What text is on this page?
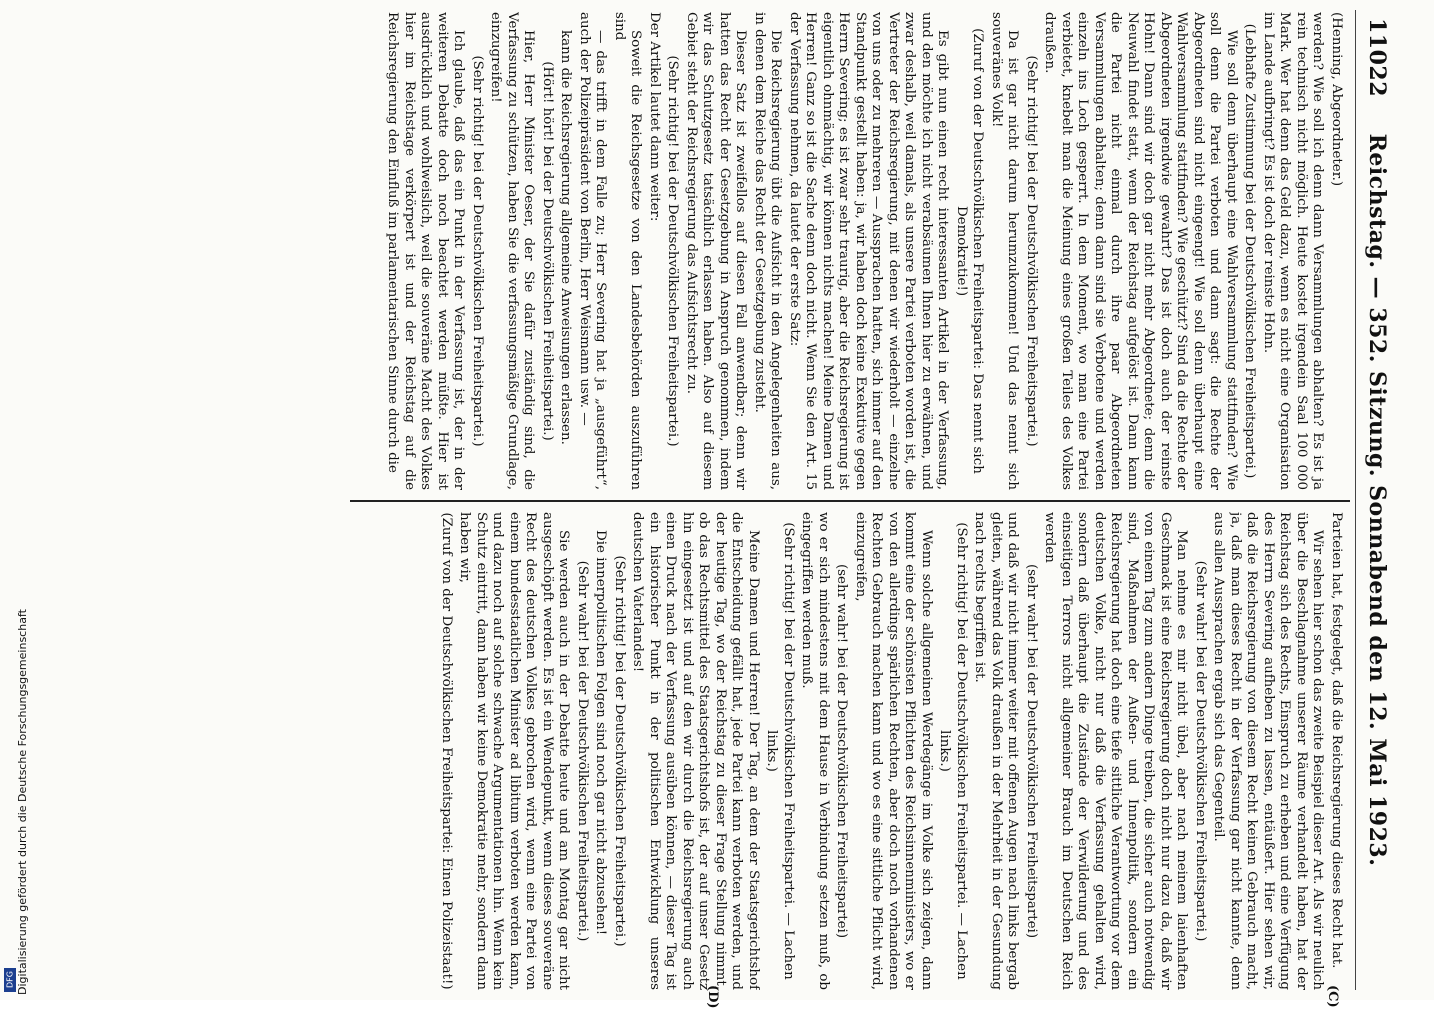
DFG Digitalisierung gefördert durch die Deutsche Forschungsgemeinschaft
11022
Reichstag. — 352. Sitzung. Sonnabend den 12. Mai 1923.
(C)
(D)

(Henning, Abgeordneter.)

werden? Wie soll ich denn dann Versammlungen abhalten? Es ist ja rein technisch nicht möglich. Heute kostet irgendein Saal 100 000 Mark. Wer hat denn das Geld dazu, wenn es nicht eine Organisation im Lande aufbringt? Es ist doch der reinste Hohn.

(Lebhafte Zustimmung bei der Deutschvölkischen Freiheitspartei.)

Wie soll denn überhaupt eine Wahlversammlung stattfinden? Wie soll denn die Partei verboten und dann sagt: die Rechte der Abgeordneten sind nicht eingeengt! Wie soll denn überhaupt eine Wahlversammlung stattfinden? Wie geschützt? Sind da die Rechte der Abgeordneten irgendwie gewahrt? Das ist doch auch der reinste Hohn! Dann sind wir doch gar nicht mehr Abgeordnete; denn die Neuwahl findet statt, wenn der Reichstag aufgelöst ist. Dann kann die Partei nicht einmal durch ihre paar Abgeordneten Versammlungen abhalten; denn dann sind sie Verbotene und werden einzeln ins Loch gesperrt. In dem Moment, wo man eine Partei verbietet, knebelt man die Meinung eines großen Teiles des Volkes draußen.

(Sehr richtig! bei der Deutschvölkischen Freiheitspartei.)

Da ist gar nicht darum herumzukommen! Und das nennt sich souveränes Volk!

(Zuruf von der Deutschvölkischen Freiheitspartei: Das nennt sich Demokratie!)

Es gibt nun einen recht interessanten Artikel in der Verfassung, und den möchte ich nicht verabsäumen Ihnen hier zu erwähnen, und zwar deshalb, weil damals, als unsere Partei verboten worden ist, die Vertreter der Reichsregierung, mit denen wir wiederholt — einzelne von uns oder zu mehreren — Aussprachen hatten, sich immer auf den Standpunkt gestellt haben: ja, wir haben doch keine Exekutive gegen Herrn Severing; es ist zwar sehr traurig, aber die Reichsregierung ist eigentlich ohnmächtig, wir können nichts machen! Meine Damen und Herren! Ganz so ist die Sache denn doch nicht. Wenn Sie den Art. 15 der Verfassung nehmen, da lautet der erste Satz:

Die Reichsregierung übt die Aufsicht in den Angelegenheiten aus, in denen dem Reiche das Recht der Gesetzgebung zusteht.

Dieser Satz ist zweifellos auf diesen Fall anwendbar; denn wir hatten das Recht der Gesetzgebung in Anspruch genommen, indem wir das Schutzgesetz tatsächlich erlassen haben. Also auf diesem Gebiet steht der Reichsregierung das Aufsichtsrecht zu.

(Sehr richtig! bei der Deutschvölkischen Freiheitspartei.)

Der Artikel lautet dann weiter:

Soweit die Reichsgesetze von den Landesbehörden auszuführen sind

— das trifft in dem Falle zu; Herr Severing hat ja „ausgeführt“, auch der Polizeipräsident von Berlin, Herr Weismann usw. —

kann die Reichsregierung allgemeine Anweisungen erlassen.

(Hört! hört! bei der Deutschvölkischen Freiheitspartei.)

Hier, Herr Minister Oeser, der Sie dafür zuständig sind, die Verfassung zu schützen, haben Sie die verfassungsmäßige Grundlage, einzugreifen!

(Sehr richtig! bei der Deutschvölkischen Freiheitspartei.)

Ich glaube, daß das ein Punkt in der Verfassung ist, der in der weiteren Debatte doch noch beachtet werden müßte. Hier ist ausdrücklich und wohlweislich, weil die souveräne Macht des Volkes hier im Reichstage verkörpert ist und der Reichstag auf die Reichsregierung den Einfluß im parlamentarischen Sinne durch die

Parteien hat, festgelegt, daß die Reichsregierung dieses Recht hat.

Wir sehen hier schon das zweite Beispiel dieser Art. Als wir neulich über die Beschlagnahme unserer Räume verhandelt haben, hat der Reichstag sich des Rechts, Einspruch zu erheben und eine Verfügung des Herrn Severing aufheben zu lassen, entäußert. Hier sehen wir, daß die Reichsregierung von diesem Recht keinen Gebrauch macht, ja, daß man dieses Recht in der Verfassung gar nicht kannte, denn aus allen Aussprachen ergab sich das Gegenteil.

(Sehr wahr! bei der Deutschvölkischen Freiheitspartei.)

Man nehme es mir nicht übel, aber nach meinem laienhaften Geschmack ist eine Reichsregierung doch nicht nur dazu da, daß wir von einem Tag zum andern Dinge treiben, die sicher auch notwendig sind, Maßnahmen der Außen- und Innenpolitik, sondern ein Reichsregierung hat doch eine tiefe sittliche Verantwortung vor dem deutschen Volke, nicht nur daß die Verfassung gehalten wird, sondern daß überhaupt die Zustände der Verwilderung und des einseitigen Terrors nicht allgemeiner Brauch im Deutschen Reich werden

(sehr wahr! bei der Deutschvölkischen Freiheitspartei)

und daß wir nicht immer weiter mit offenen Augen nach links bergab gleiten, während das Volk draußen in der Mehrheit in der Gesundung nach rechts begriffen ist.

(Sehr richtig! bei der Deutschvölkischen Freiheitspartei. — Lachen links.)

Wenn solche allgemeinen Werdegänge im Volke sich zeigen, dann kommt eine der schönsten Pflichten des Reichsinnenministers, wo er von den allerdings spärlichen Rechten, aber doch noch vorhandenen Rechten Gebrauch machen kann und wo es eine sittliche Pflicht wird, einzugreifen,

(sehr wahr! bei der Deutschvölkischen Freiheitspartei)

wo er sich mindestens mit dem Hause in Verbindung setzen muß, ob eingegriffen werden muß.

(Sehr richtig! bei der Deutschvölkischen Freiheitspartei. — Lachen links.)

Meine Damen und Herren! Der Tag, an dem der Staatsgerichtshof die Entscheidung gefällt hat, jede Partei kann verboten werden, und der heutige Tag, wo der Reichstag zu dieser Frage Stellung nimmt, ob das Rechtsmittel des Staatsgerichtshofs ist, der auf unser Gesetz hin eingesetzt ist und auf den wir durch die Reichsregierung auch einen Druck nach der Verfassung ausüben können, — dieser Tag ist ein historischer Punkt in der politischen Entwicklung unseres deutschen Vaterlandes!

(Sehr richtig! bei der Deutschvölkischen Freiheitspartei.)

Die innerpolitischen Folgen sind noch gar nicht abzusehen!

(Sehr wahr! bei der Deutschvölkischen Freiheitspartei.)

Sie werden auch in der Debatte heute und am Montag gar nicht ausgeschöpft werden. Es ist ein Wendepunkt, wenn dieses souveräne Recht des deutschen Volkes gebrochen wird, wenn eine Partei von einem bundesstaatlichen Minister ad libitum verboten werden kann, und dazu noch auf solche schwache Argumentationen hin. Wenn kein Schutz eintritt, dann haben wir keine Demokratie mehr, sondern dann haben wir,

(Zuruf von der Deutschvölkischen Freiheitspartei: Einen Polizeistaat!)
